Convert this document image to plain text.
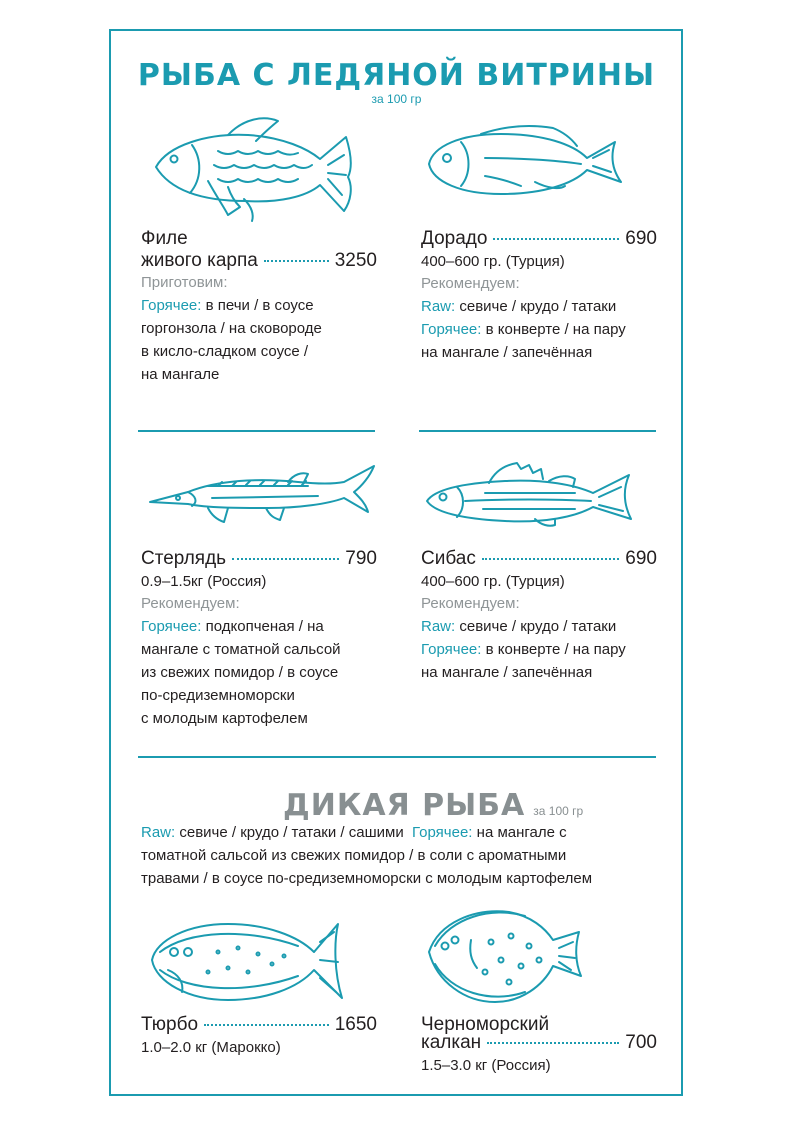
РЫБА С ЛЕДЯНОЙ ВИТРИНЫ
за 100 гр
Филе
живого карпа	3250
Приготовим:

Горячее: в печи / в соусе

горгонзола / на сковороде

в кисло-сладком соусе /

на мангале

Дорадо	690

400–600 гр. (Турция)

Рекомендуем:

Raw: севиче / крудо / татаки

Горячее: в конверте / на пару

на мангале / запечённая

Стерлядь	790

0.9–1.5кг (Россия)

Рекомендуем:

Горячее: подкопченая / на

мангале с томатной сальсой

из свежих помидор / в соусе

по-средиземноморски

с молодым картофелем

Сибас	690

400–600 гр. (Турция)

Рекомендуем:

Raw: севиче / крудо / татаки

Горячее: в конверте / на пару

на мангале / запечённая

ДИКАЯ РЫБА за 100 гр

Raw: севиче / крудо / татаки / сашими Горячее: на мангале с

томатной сальсой из свежих помидор / в соли с ароматными

травами / в соусе по-средиземноморски с молодым картофелем

Тюрбо	1650

1.0–2.0 кг (Марокко)

Черноморский
калкан	700

1.5–3.0 кг (Россия)
